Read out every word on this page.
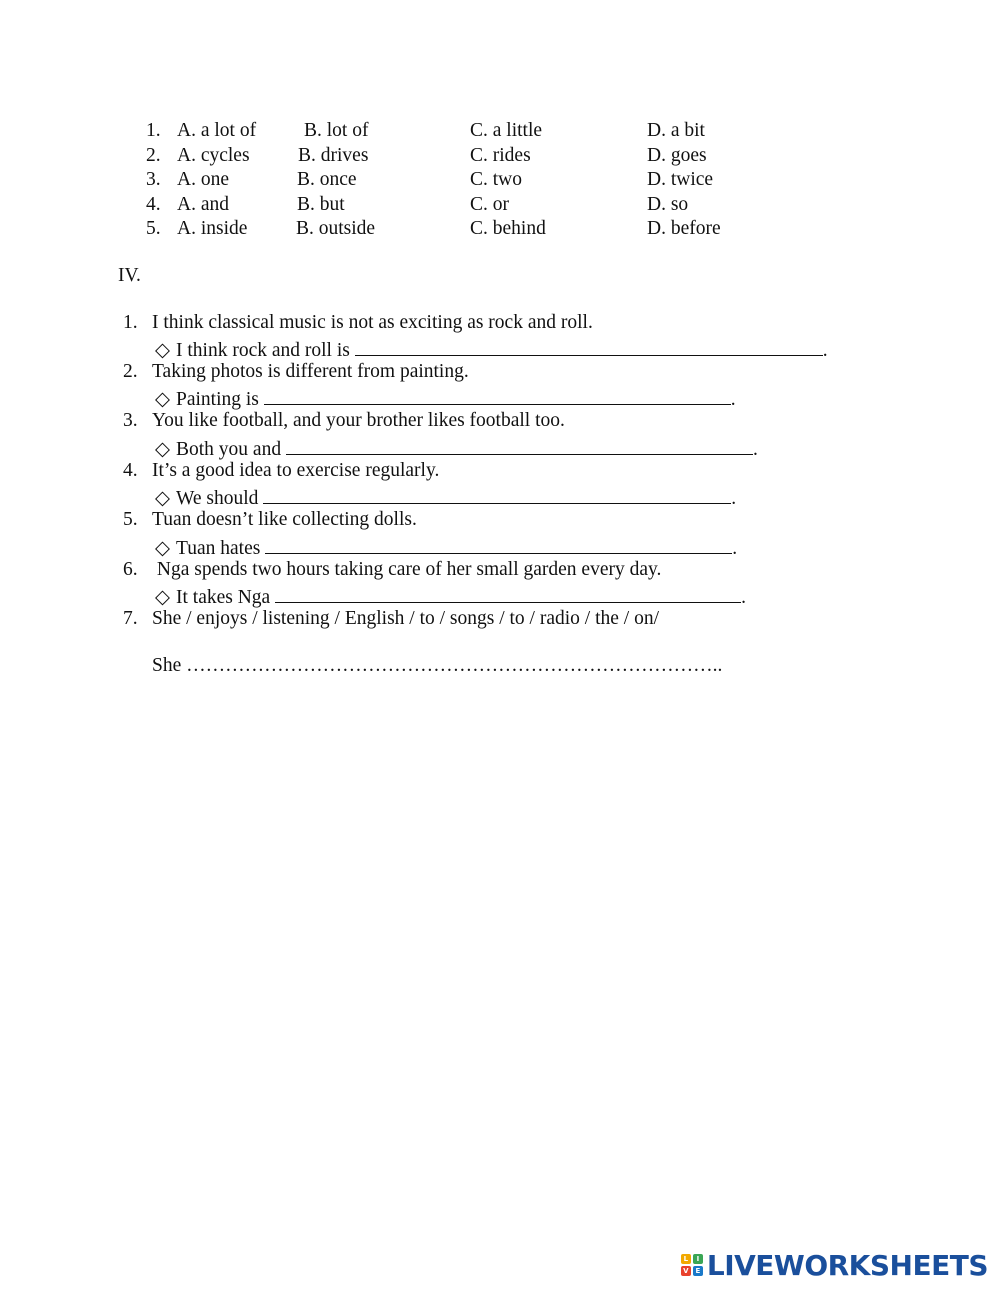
1. A. a lot of B. lot of	C. a little	D. a bit
2. A. cycles B. drives	C. rides	D. goes
3. A. one	B. once	C. two	D. twice
4. A. and	B. but	C. or	D. so
5. A. inside B. outside	C. behind	D. before
IV.
1. I think classical music is not as exciting as rock and roll.
◇ I think rock and roll is	.
2. Taking photos is different from painting.
◇ Painting is	.
3. You like football, and your brother likes football too.
◇ Both you and	.
4. It’s a good idea to exercise regularly.
◇ We should	.
5. Tuan doesn’t like collecting dolls.
◇ Tuan hates	.
6. Nga spends two hours taking care of her small garden every day.
◇ It takes Nga	.
7. She / enjoys / listening / English / to / songs / to / radio / the / on/
She ………………………………………………………………………..
L	I
V E LIVEWORKSHEETS
